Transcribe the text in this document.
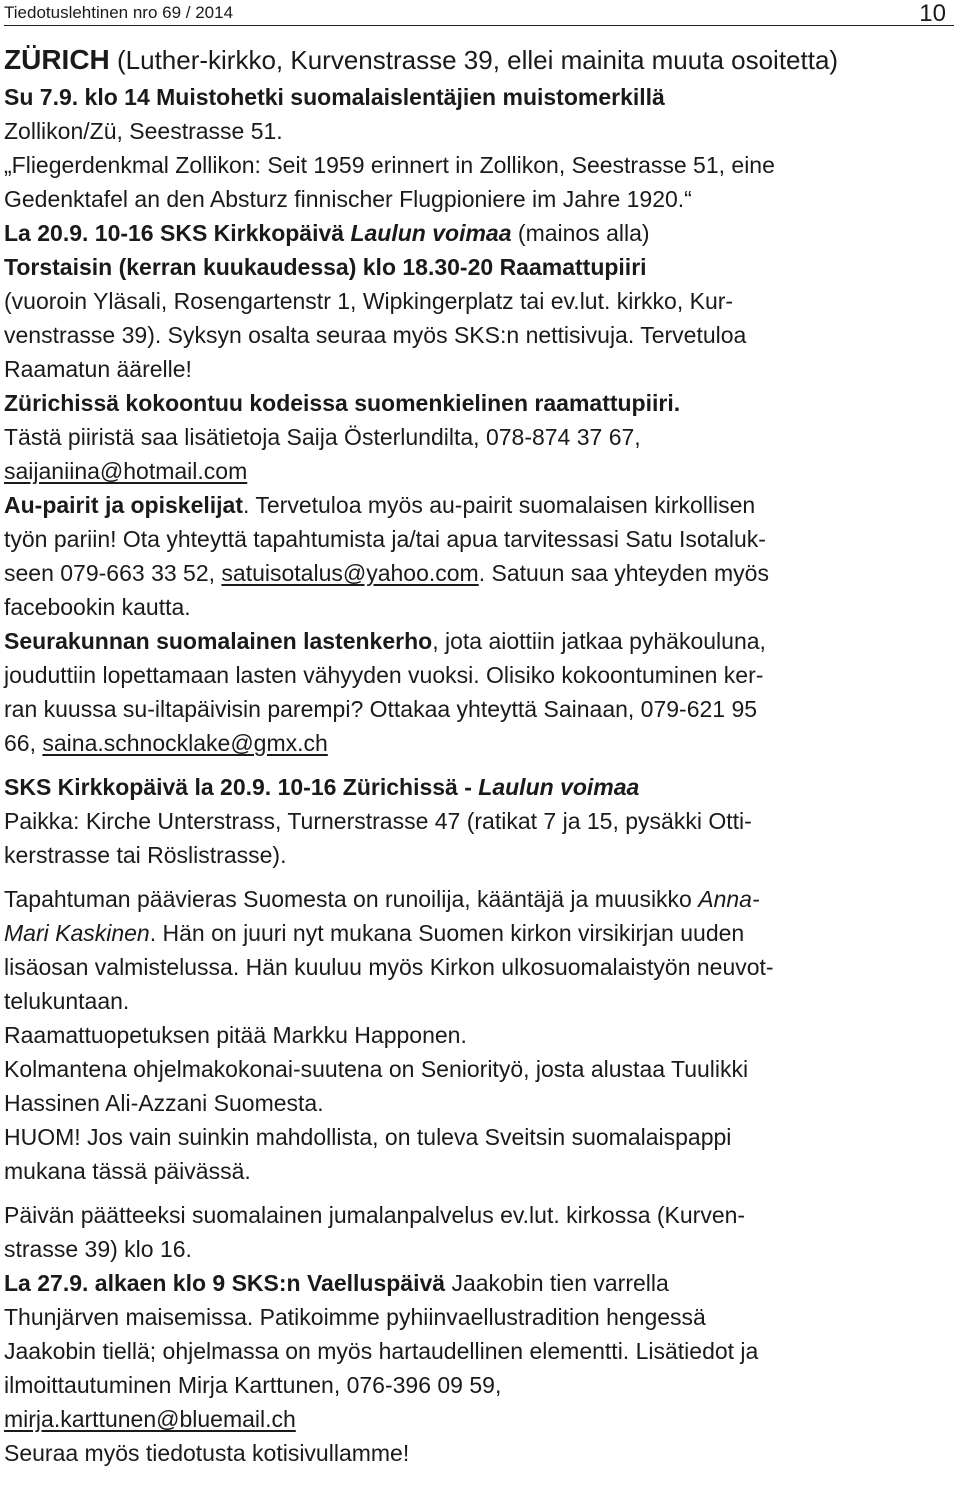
Tiedotuslehtinen nro 69 / 2014	10
ZÜRICH (Luther-kirkko, Kurvenstrasse 39, ellei mainita muuta osoitetta)
Su 7.9. klo 14 Muistohetki suomalaislentäjien muistomerkillä
Zollikon/Zü, Seestrasse 51.
„Fliegerdenkmal Zollikon: Seit 1959 erinnert in Zollikon, Seestrasse 51, eine
Gedenktafel an den Absturz finnischer Flugpioniere im Jahre 1920.“
La 20.9. 10-16 SKS Kirkkopäivä Laulun voimaa (mainos alla)
Torstaisin (kerran kuukaudessa) klo 18.30-20 Raamattupiiri
(vuoroin Yläsali, Rosengartenstr 1, Wipkingerplatz tai ev.lut. kirkko, Kur-
venstrasse 39). Syksyn osalta seuraa myös SKS:n nettisivuja. Tervetuloa
Raamatun äärelle!
Zürichissä kokoontuu kodeissa suomenkielinen raamattupiiri.
Tästä piiristä saa lisätietoja Saija Österlundilta, 078-874 37 67,
saijaniina@hotmail.com
Au-pairit ja opiskelijat. Tervetuloa myös au-pairit suomalaisen kirkollisen
työn pariin! Ota yhteyttä tapahtumista ja/tai apua tarvitessasi Satu Isotaluk-
seen 079-663 33 52, satuisotalus@yahoo.com. Satuun saa yhteyden myös
facebookin kautta.
Seurakunnan suomalainen lastenkerho, jota aiottiin jatkaa pyhäkouluna,
jouduttiin lopettamaan lasten vähyyden vuoksi. Olisiko kokoontuminen ker-
ran kuussa su-iltapäivisin parempi? Ottakaa yhteyttä Sainaan, 079-621 95
66, saina.schnocklake@gmx.ch
SKS Kirkkopäivä la 20.9. 10-16 Zürichissä - Laulun voimaa
Paikka: Kirche Unterstrass, Turnerstrasse 47 (ratikat 7 ja 15, pysäkki Otti-
kerstrasse tai Röslistrasse).
Tapahtuman päävieras Suomesta on runoilija, kääntäjä ja muusikko Anna-
Mari Kaskinen. Hän on juuri nyt mukana Suomen kirkon virsikirjan uuden
lisäosan valmistelussa. Hän kuuluu myös Kirkon ulkosuomalaistyön neuvot-
telukuntaan.
Raamattuopetuksen pitää Markku Happonen.
Kolmantena ohjelmakokonai-suutena on Seniorityö, josta alustaa Tuulikki
Hassinen Ali-Azzani Suomesta.
HUOM! Jos vain suinkin mahdollista, on tuleva Sveitsin suomalaispappi
mukana tässä päivässä.
Päivän päätteeksi suomalainen jumalanpalvelus ev.lut. kirkossa (Kurven-
strasse 39) klo 16.
La 27.9. alkaen klo 9 SKS:n Vaelluspäivä Jaakobin tien varrella
Thunjärven maisemissa. Patikoimme pyhiinvaellustradition hengessä
Jaakobin tiellä; ohjelmassa on myös hartaudellinen elementti. Lisätiedot ja
ilmoittautuminen Mirja Karttunen, 076-396 09 59,
mirja.karttunen@bluemail.ch
Seuraa myös tiedotusta kotisivullamme!
